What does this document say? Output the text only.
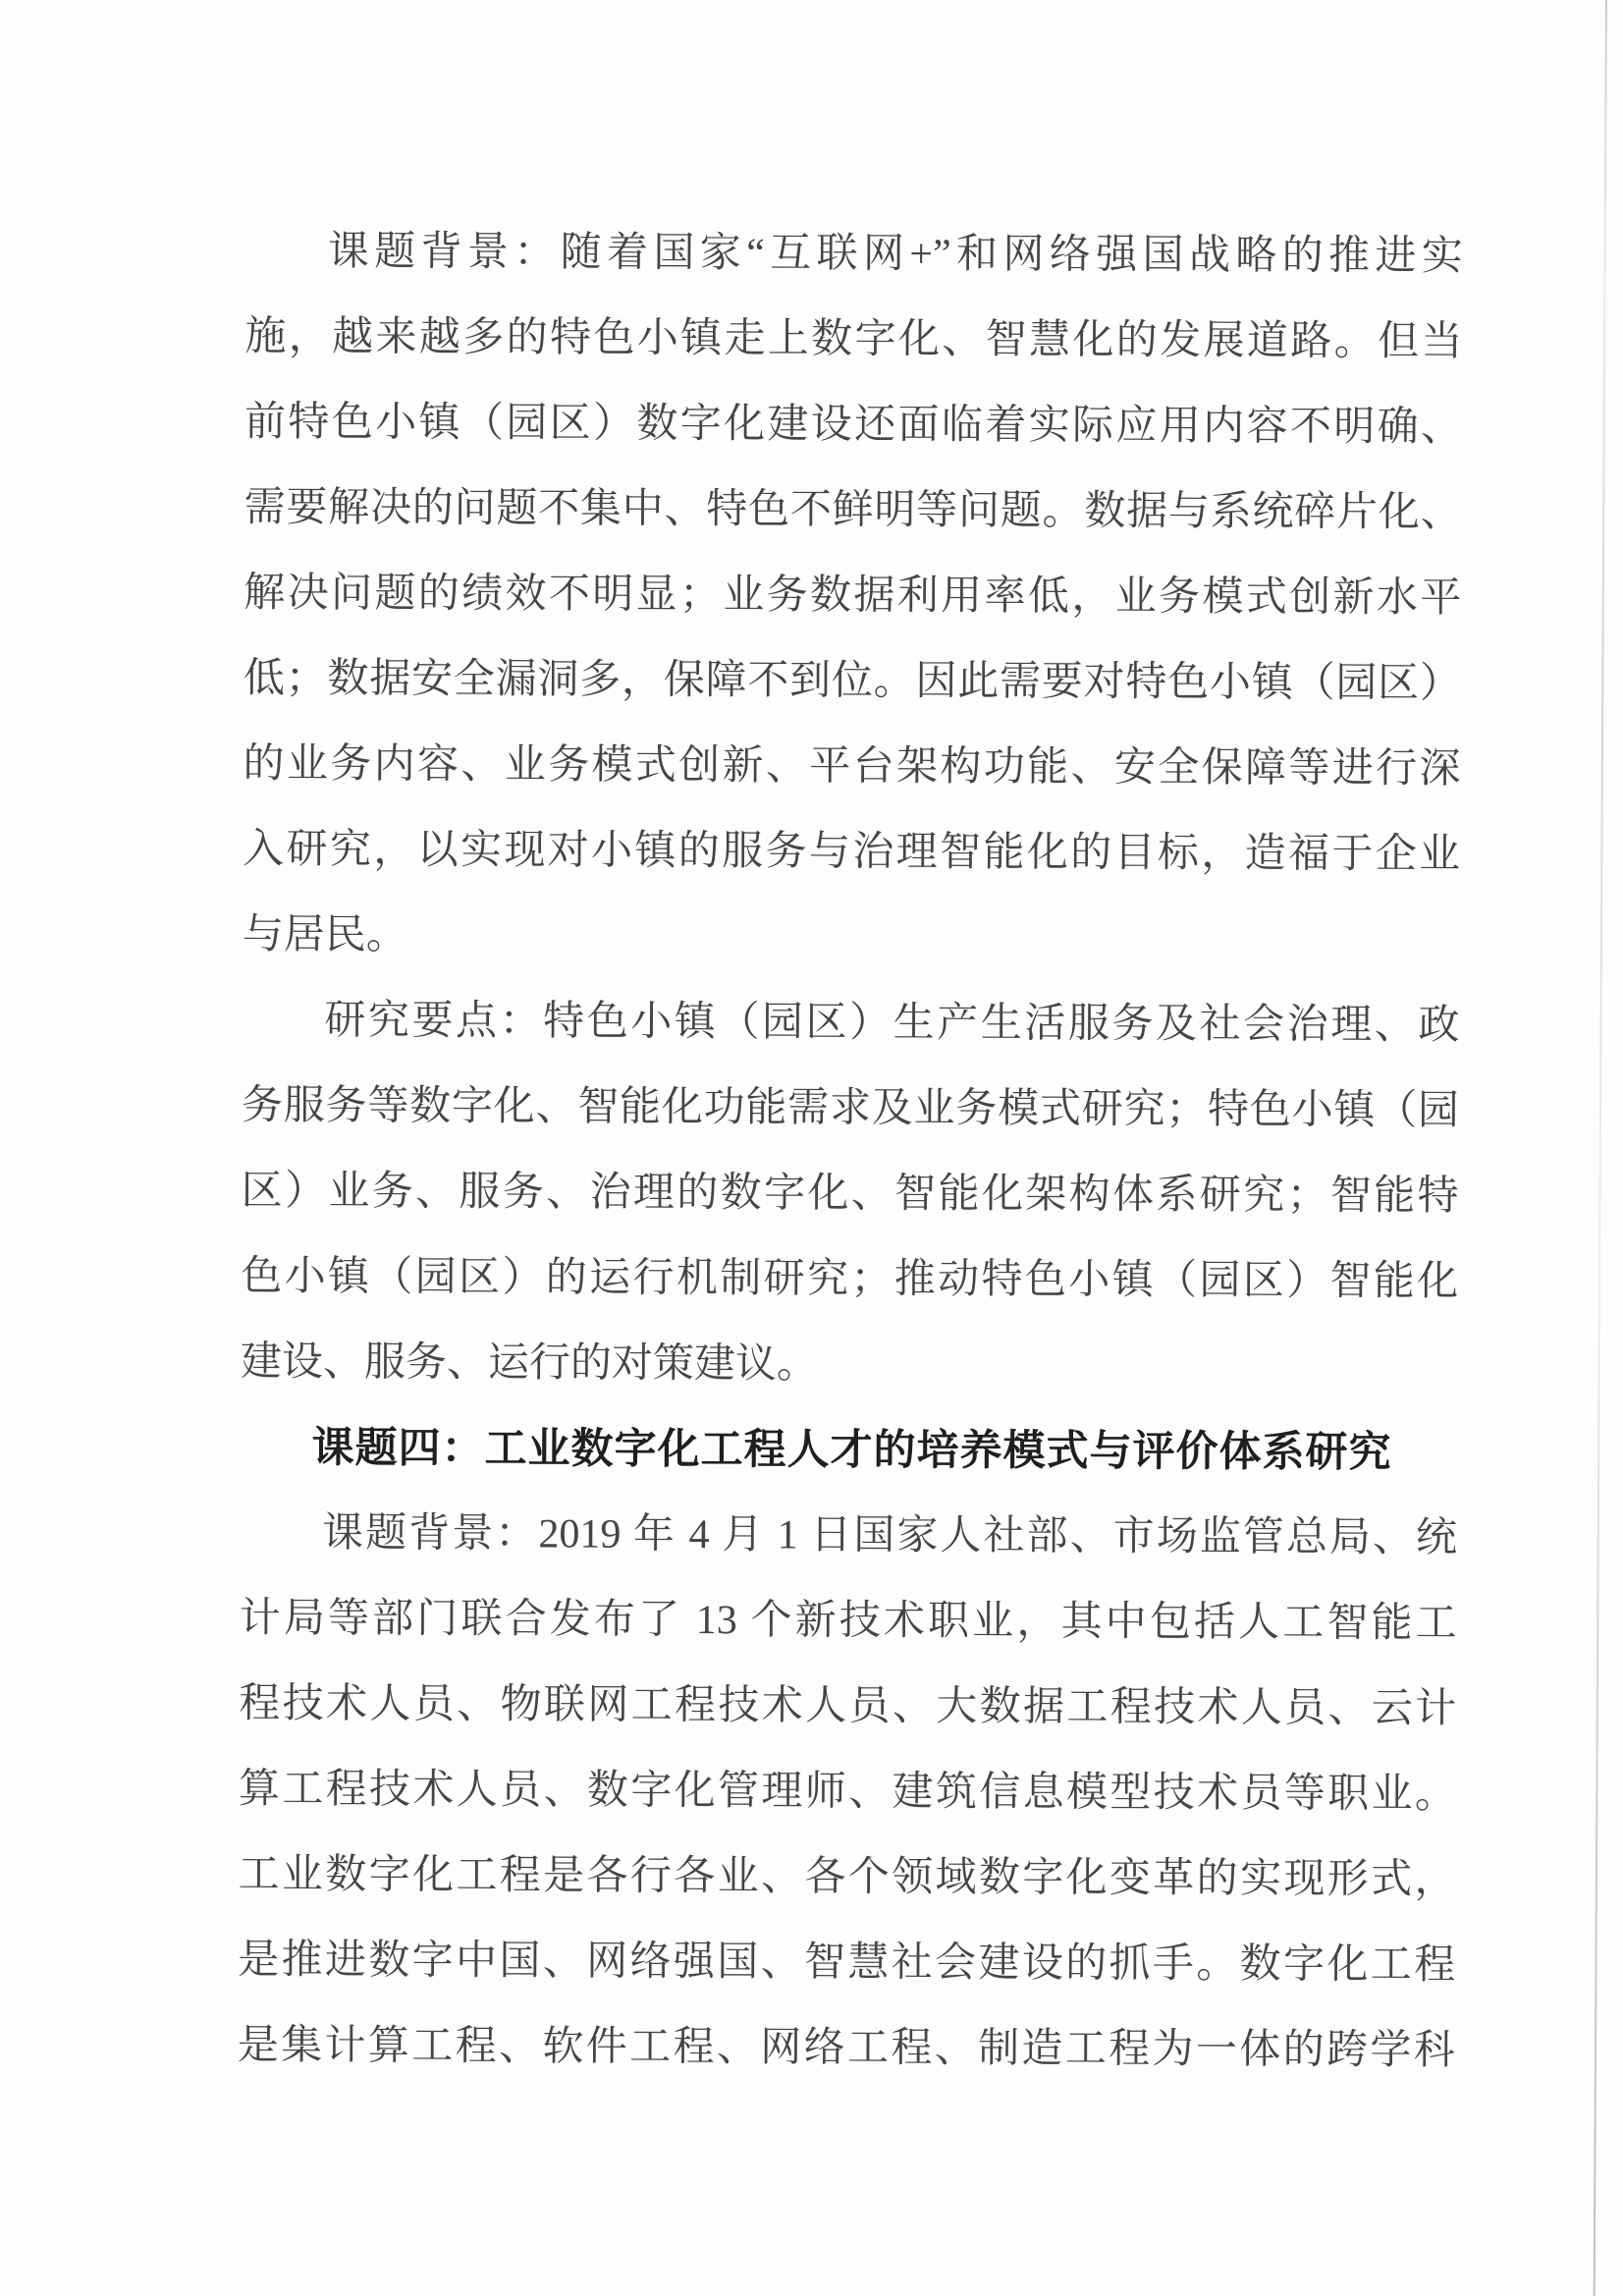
课题背景：随着国家“互联网+”和网络强国战略的推进实
施，越来越多的特色小镇走上数字化、智慧化的发展道路。但当
前特色小镇（园区）数字化建设还面临着实际应用内容不明确、
需要解决的问题不集中、特色不鲜明等问题。数据与系统碎片化、
解决问题的绩效不明显；业务数据利用率低，业务模式创新水平
低；数据安全漏洞多，保障不到位。因此需要对特色小镇（园区）
的业务内容、业务模式创新、平台架构功能、安全保障等进行深
入研究，以实现对小镇的服务与治理智能化的目标，造福于企业
与居民。
研究要点：特色小镇（园区）生产生活服务及社会治理、政
务服务等数字化、智能化功能需求及业务模式研究；特色小镇（园
区）业务、服务、治理的数字化、智能化架构体系研究；智能特
色小镇（园区）的运行机制研究；推动特色小镇（园区）智能化
建设、服务、运行的对策建议。
课题四：工业数字化工程人才的培养模式与评价体系研究
课题背景：2019 年 4 月 1 日国家人社部、市场监管总局、统
计局等部门联合发布了 13 个新技术职业，其中包括人工智能工
程技术人员、物联网工程技术人员、大数据工程技术人员、云计
算工程技术人员、数字化管理师、建筑信息模型技术员等职业。
工业数字化工程是各行各业、各个领域数字化变革的实现形式，
是推进数字中国、网络强国、智慧社会建设的抓手。数字化工程
是集计算工程、软件工程、网络工程、制造工程为一体的跨学科
